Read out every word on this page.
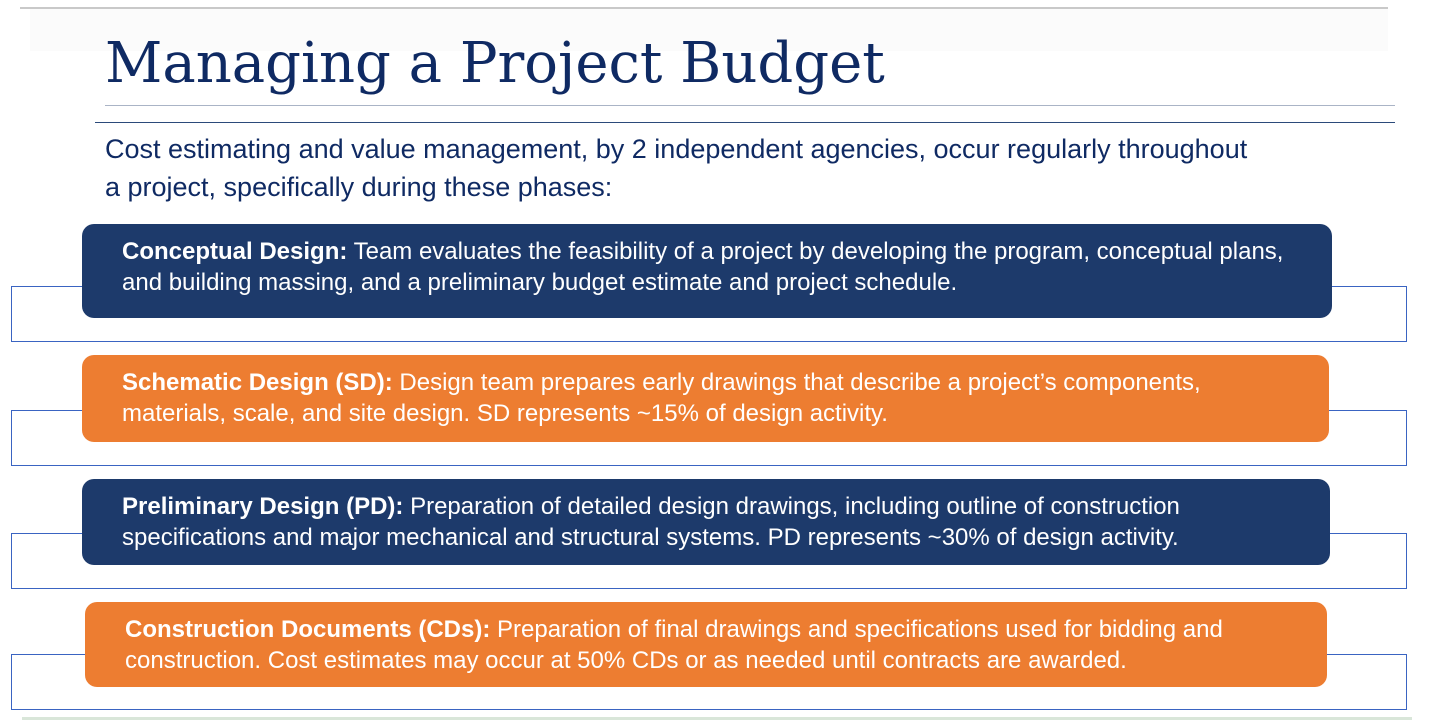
Managing a Project Budget

Cost estimating and value management, by 2 independent agencies, occur regularly throughout a project, specifically during these phases:

Conceptual Design: Team evaluates the feasibility of a project by developing the program, conceptual plans, and building massing, and a preliminary budget estimate and project schedule.
Schematic Design (SD): Design team prepares early drawings that describe a project’s components, materials, scale, and site design. SD represents ~15% of design activity.
Preliminary Design (PD): Preparation of detailed design drawings, including outline of construction specifications and major mechanical and structural systems. PD represents ~30% of design activity.
Construction Documents (CDs): Preparation of final drawings and specifications used for bidding and construction. Cost estimates may occur at 50% CDs or as needed until contracts are awarded.
